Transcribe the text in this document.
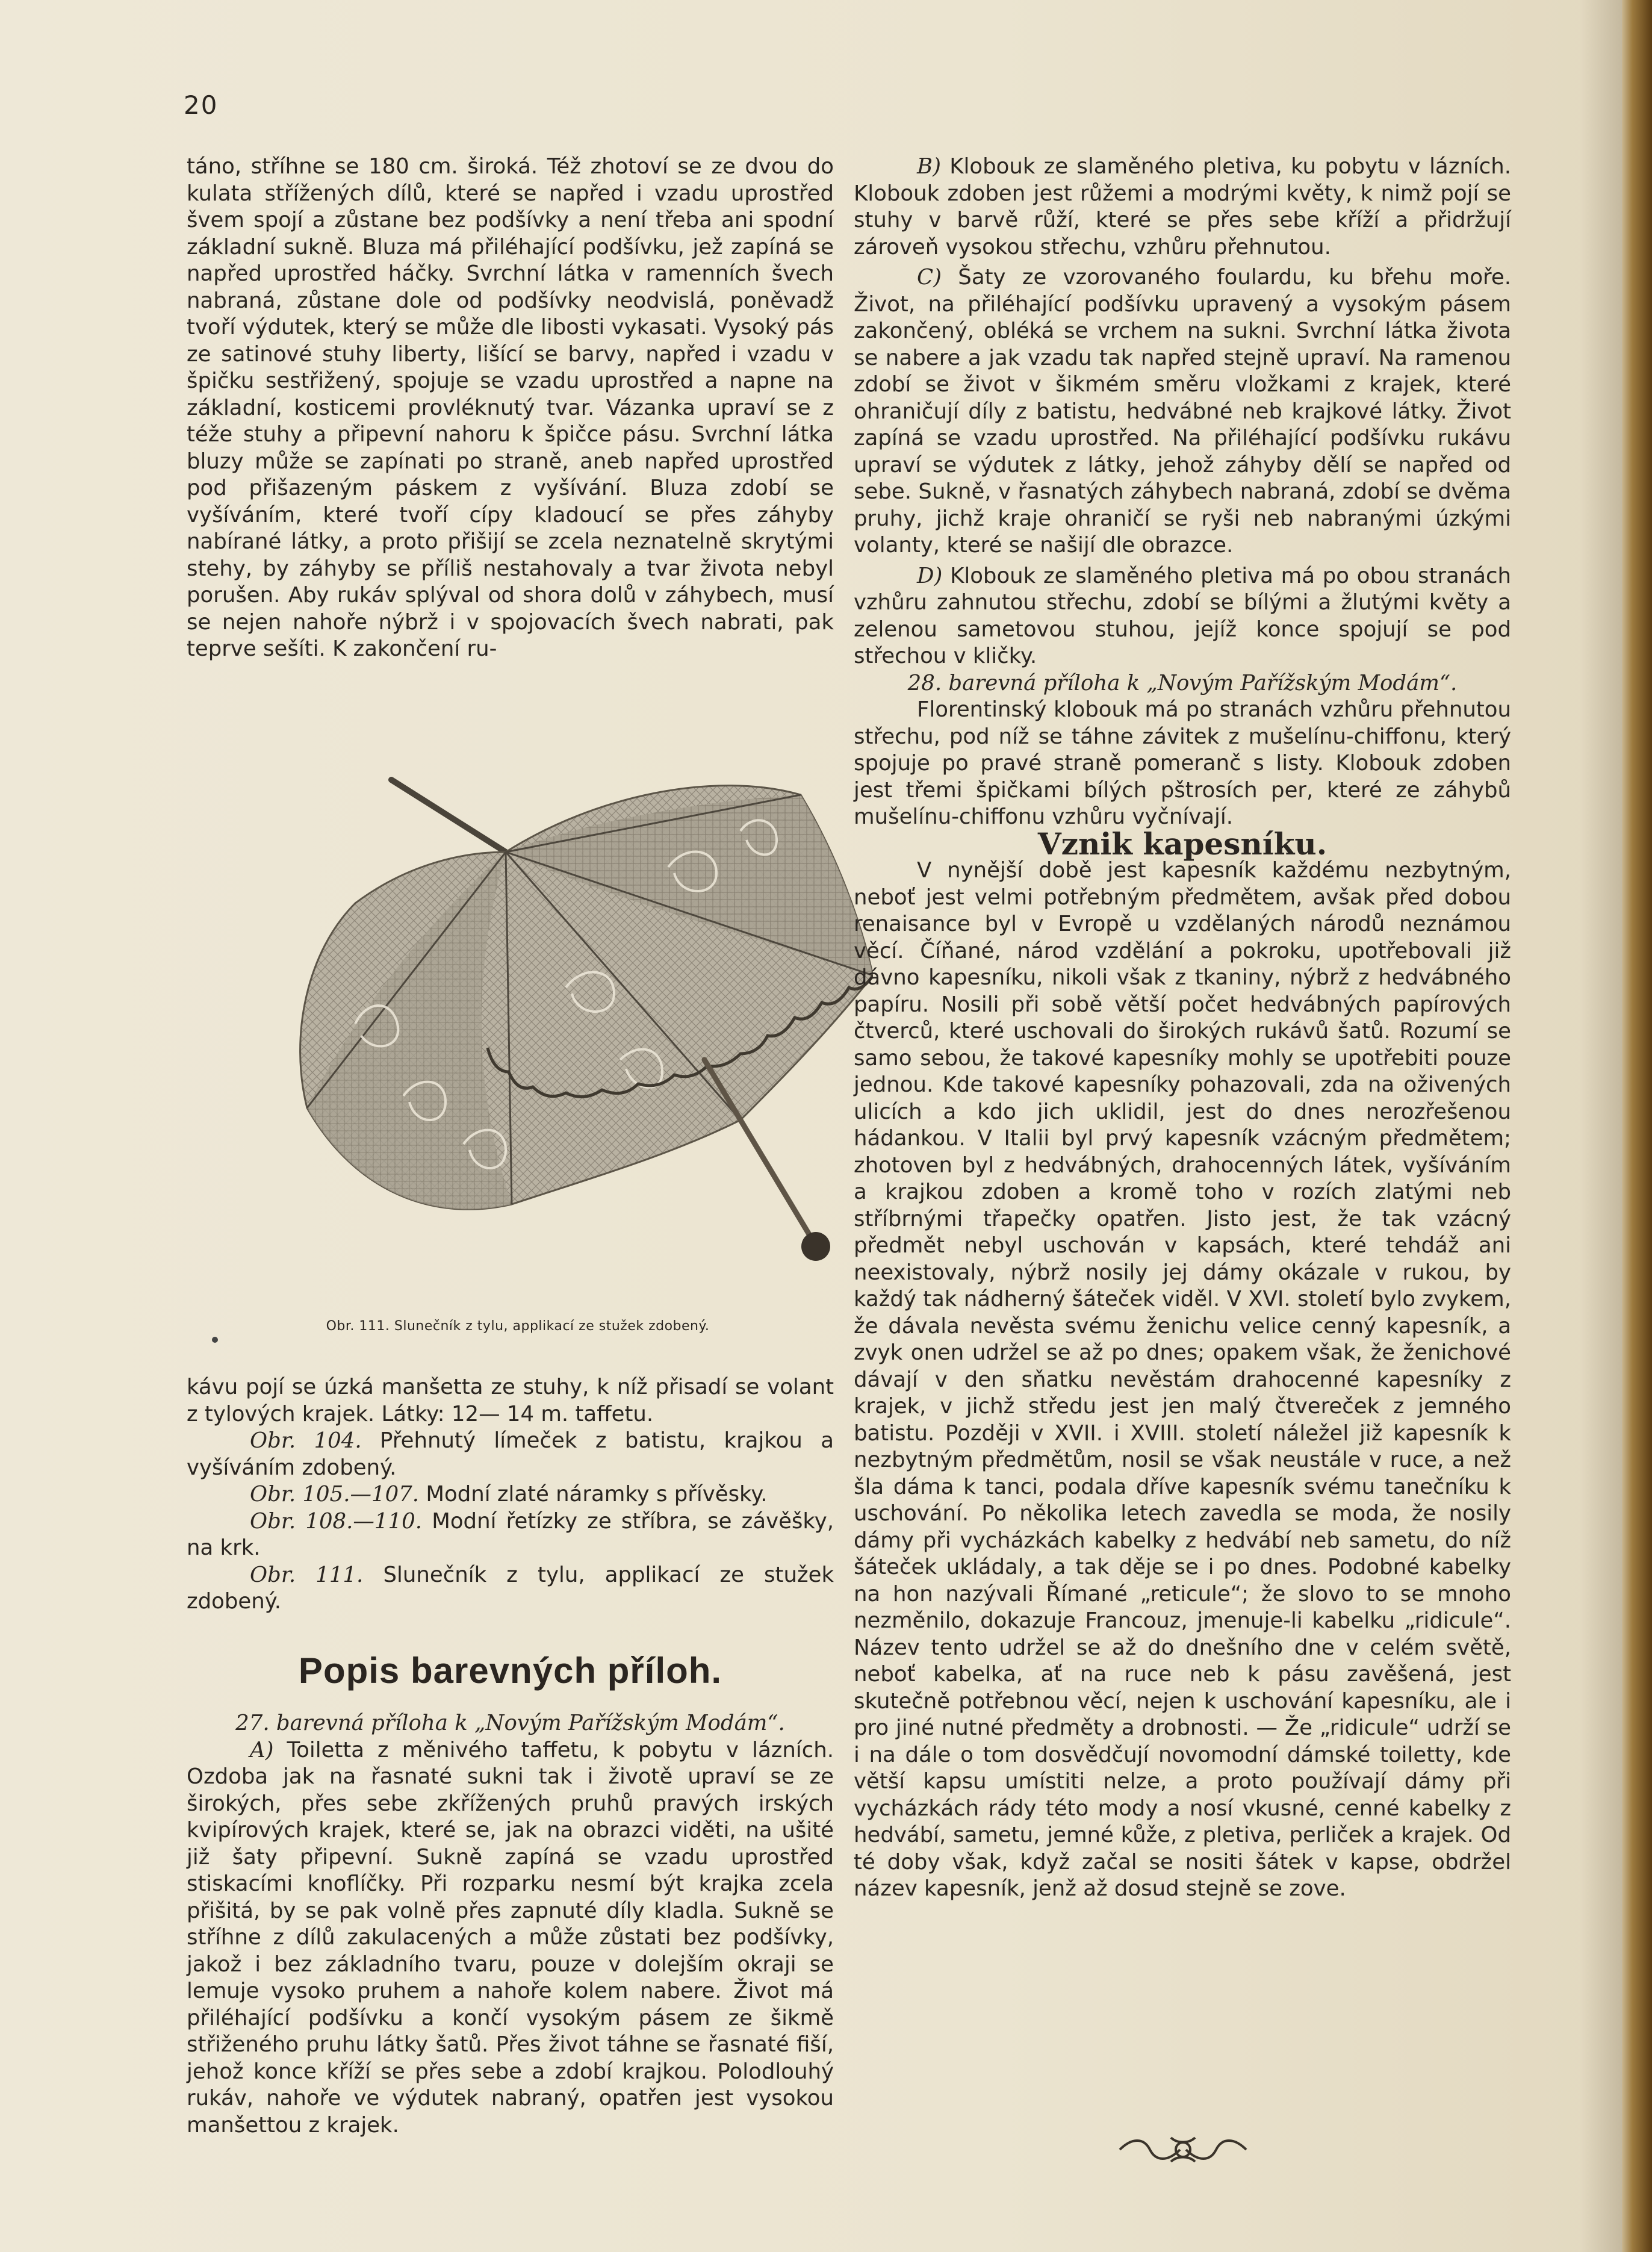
20

táno, stříhne se 180 cm. široká. Též zhotoví se ze dvou do kulata střížených dílů, které se napřed i vzadu uprostřed švem spojí a zůstane bez podšívky a není třeba ani spodní základní sukně. Bluza má přiléhající podšívku, jež zapíná se napřed uprostřed háčky. Svrchní látka v ramenních švech nabraná, zůstane dole od podšívky neodvislá, poněvadž tvoří výdutek, který se může dle libosti vykasati. Vysoký pás ze satinové stuhy liberty, lišící se barvy, napřed i vzadu v špičku sestřižený, spojuje se vzadu uprostřed a napne na základní, kosticemi provléknutý tvar. Vázanka upraví se z téže stuhy a připevní nahoru k špičce pásu. Svrchní látka bluzy může se zapínati po straně, aneb napřed uprostřed pod přišazeným páskem z vyšívání. Bluza zdobí se vyšíváním, které tvoří cípy kladoucí se přes záhyby nabírané látky, a proto přišijí se zcela neznatelně skrytými stehy, by záhyby se příliš nestahovaly a tvar života nebyl porušen. Aby rukáv splýval od shora dolů v záhybech, musí se nejen nahoře nýbrž i v spojovacích švech nabrati, pak teprve sešíti. K zakončení ru-

Obr. 111. Slunečník z tylu, applikací ze stužek zdobený.

kávu pojí se úzká manšetta ze stuhy, k níž přisadí se volant z tylových krajek. Látky: 12— 14 m. taffetu.

Obr. 104. Přehnutý límeček z batistu, krajkou a vyšíváním zdobený.

Obr. 105.—107. Modní zlaté náramky s přívěsky.

Obr. 108.—110. Modní řetízky ze stříbra, se závěšky, na krk.

Obr. 111. Slunečník z tylu, applikací ze stužek zdobený.

Popis barevných příloh.

27. barevná příloha k „Novým Pařížským Modám“.

A) Toiletta z měnivého taffetu, k pobytu v lázních. Ozdoba jak na řasnaté sukni tak i životě upraví se ze širokých, přes sebe zkřížených pruhů pravých irských kvipírových krajek, které se, jak na obrazci viděti, na ušité již šaty připevní. Sukně zapíná se vzadu uprostřed stiskacími knoflíčky. Při rozparku nesmí být krajka zcela přišitá, by se pak volně přes zapnuté díly kladla. Sukně se stříhne z dílů zakulacených a může zůstati bez podšívky, jakož i bez základního tvaru, pouze v dolejším okraji se lemuje vysoko pruhem a nahoře kolem nabere. Život má přiléhající podšívku a končí vysokým pásem ze šikmě střiženého pruhu látky šatů. Přes život táhne se řasnaté fiší, jehož konce kříží se přes sebe a zdobí krajkou. Polodlouhý rukáv, nahoře ve výdutek nabraný, opatřen jest vysokou manšettou z krajek.

B) Klobouk ze slaměného pletiva, ku pobytu v lázních. Klobouk zdoben jest růžemi a modrými květy, k nimž pojí se stuhy v barvě růží, které se přes sebe kříží a přidržují zároveň vysokou střechu, vzhůru přehnutou.

C) Šaty ze vzorovaného foulardu, ku břehu moře. Život, na přiléhající podšívku upravený a vysokým pásem zakončený, obléká se vrchem na sukni. Svrchní látka života se nabere a jak vzadu tak napřed stejně upraví. Na ramenou zdobí se život v šikmém směru vložkami z krajek, které ohraničují díly z batistu, hedvábné neb krajkové látky. Život zapíná se vzadu uprostřed. Na přiléhající podšívku rukávu upraví se výdutek z látky, jehož záhyby dělí se napřed od sebe. Sukně, v řasnatých záhybech nabraná, zdobí se dvěma pruhy, jichž kraje ohraničí se ryši neb nabranými úzkými volanty, které se našijí dle obrazce.

D) Klobouk ze slaměného pletiva má po obou stranách vzhůru zahnutou střechu, zdobí se bílými a žlutými květy a zelenou sametovou stuhou, jejíž konce spojují se pod střechou v kličky.

28. barevná příloha k „Novým Pařížským Modám“.

Florentinský klobouk má po stranách vzhůru přehnutou střechu, pod níž se táhne závitek z mušelínu-chiffonu, který spojuje po pravé straně pomeranč s listy. Klobouk zdoben jest třemi špičkami bílých pštrosích per, které ze záhybů mušelínu-chiffonu vzhůru vyčnívají.

Vznik kapesníku.

V nynější době jest kapesník každému nezbytným, neboť jest velmi potřebným předmětem, avšak před dobou renaisance byl v Evropě u vzdělaných národů neznámou věcí. Číňané, národ vzdělání a pokroku, upotřebovali již dávno kapesníku, nikoli však z tkaniny, nýbrž z hedvábného papíru. Nosili při sobě větší počet hedvábných papírových čtverců, které uschovali do širokých rukávů šatů. Rozumí se samo sebou, že takové kapesníky mohly se upotřebiti pouze jednou. Kde takové kapesníky pohazovali, zda na oživených ulicích a kdo jich uklidil, jest do dnes nerozřešenou hádankou. V Italii byl prvý kapesník vzácným předmětem; zhotoven byl z hedvábných, drahocenných látek, vyšíváním a krajkou zdoben a kromě toho v rozích zlatými neb stříbrnými třapečky opatřen. Jisto jest, že tak vzácný předmět nebyl uschován v kapsách, které tehdáž ani neexistovaly, nýbrž nosily jej dámy okázale v rukou, by každý tak nádherný šáteček viděl. V XVI. století bylo zvykem, že dávala nevěsta svému ženichu velice cenný kapesník, a zvyk onen udržel se až po dnes; opakem však, že ženichové dávají v den sňatku nevěstám drahocenné kapesníky z krajek, v jichž středu jest jen malý čtvereček z jemného batistu. Později v XVII. i XVIII. století náležel již kapesník k nezbytným předmětům, nosil se však neustále v ruce, a než šla dáma k tanci, podala dříve kapesník svému tanečníku k uschování. Po několika letech zavedla se moda, že nosily dámy při vycházkách kabelky z hedvábí neb sametu, do níž šáteček ukládaly, a tak děje se i po dnes. Podobné kabelky na hon nazývali Římané „reticule“; že slovo to se mnoho nezměnilo, dokazuje Francouz, jmenuje-li kabelku „ridicule“. Název tento udržel se až do dnešního dne v celém světě, neboť kabelka, ať na ruce neb k pásu zavěšená, jest skutečně potřebnou věcí, nejen k uschování kapesníku, ale i pro jiné nutné předměty a drobnosti. — Že „ridicule“ udrží se i na dále o tom dosvědčují novomodní dámské toiletty, kde větší kapsu umístiti nelze, a proto používají dámy při vycházkách rády této mody a nosí vkusné, cenné kabelky z hedvábí, sametu, jemné kůže, z pletiva, perliček a krajek. Od té doby však, když začal se nositi šátek v kapse, obdržel název kapesník, jenž až dosud stejně se zove.
